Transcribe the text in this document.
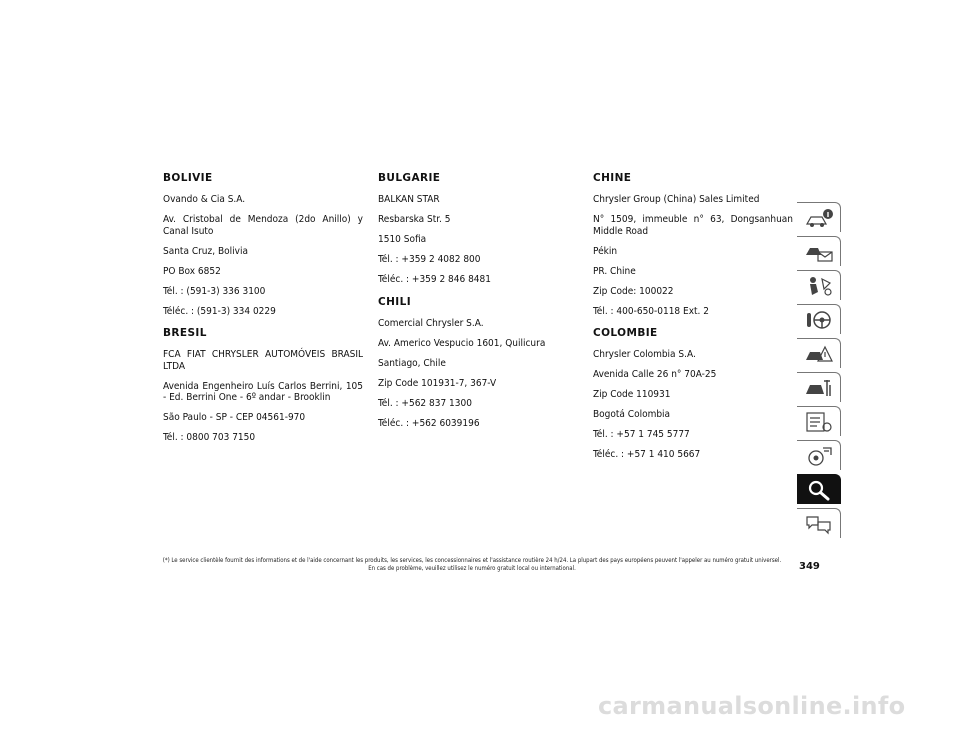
BOLIVIE
Ovando & Cia S.A.
Av. Cristobal de Mendoza (2do Anillo) y Canal Isuto
Santa Cruz, Bolivia
PO Box 6852
Tél. : (591-3) 336 3100
Téléc. : (591-3) 334 0229
BRESIL
FCA FIAT CHRYSLER AUTOMÓVEIS BRASIL LTDA
Avenida Engenheiro Luís Carlos Berrini, 105 - Ed. Berrini One - 6º andar - Brooklin
São Paulo - SP - CEP 04561-970
Tél. : 0800 703 7150
BULGARIE
BALKAN STAR
Resbarska Str. 5
1510 Sofia
Tél. : +359 2 4082 800
Téléc. : +359 2 846 8481
CHILI
Comercial Chrysler S.A.
Av. Americo Vespucio 1601, Quilicura
Santiago, Chile
Zip Code 101931-7, 367-V
Tél. : +562 837 1300
Téléc. : +562 6039196
CHINE
Chrysler Group (China) Sales Limited
N° 1509, immeuble n° 63, Dongsanhuan Middle Road
Pékin
PR. Chine
Zip Code: 100022
Tél. : 400-650-0118 Ext. 2
COLOMBIE
Chrysler Colombia S.A.
Avenida Calle 26 n° 70A-25
Zip Code 110931
Bogotá Colombia
Tél. : +57 1 745 5777
Téléc. : +57 1 410 5667
(*) Le service clientèle fournit des informations et de l'aide concernant les produits, les services, les concessionnaires et l'assistance routière 24 h/24. La plupart des pays européens peuvent l'appeler au numéro gratuit universel. En cas de problème, veuillez utilisez le numéro gratuit local ou international.	349
carmanualsonline.info
